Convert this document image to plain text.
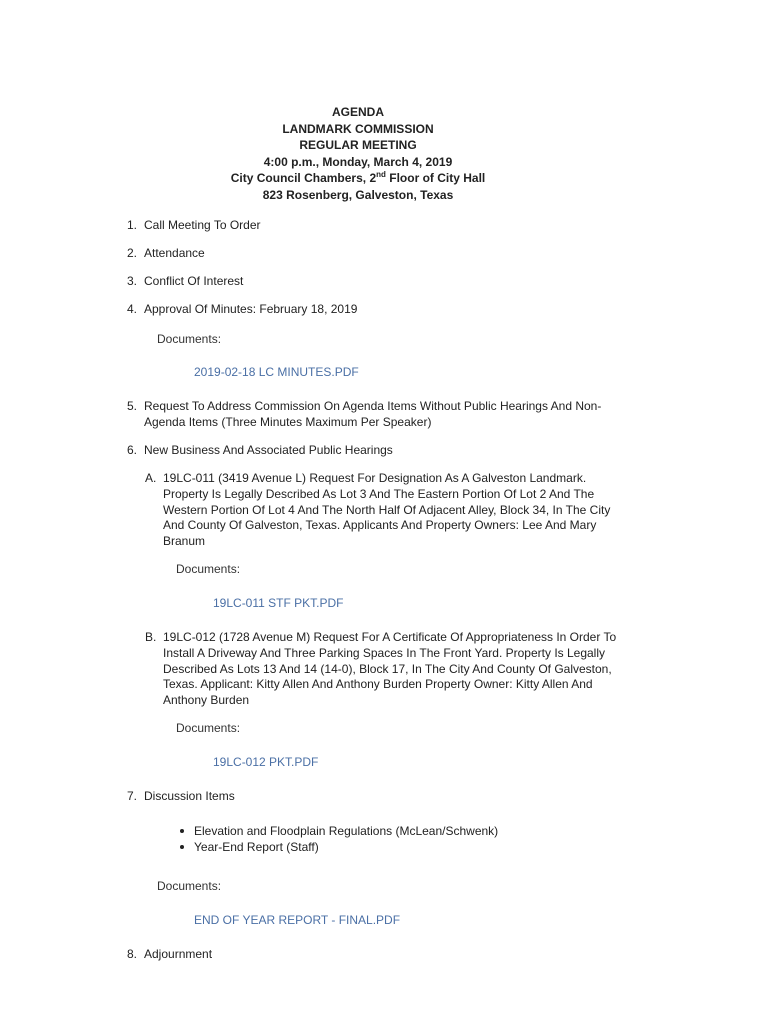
AGENDA
LANDMARK COMMISSION
REGULAR MEETING
4:00 p.m., Monday, March 4, 2019
City Council Chambers, 2nd Floor of City Hall
823 Rosenberg, Galveston, Texas
1. Call Meeting To Order
2. Attendance
3. Conflict Of Interest
4. Approval Of Minutes: February 18, 2019
Documents:
2019-02-18 LC MINUTES.PDF
5. Request To Address Commission On Agenda Items Without Public Hearings And Non-
Agenda Items (Three Minutes Maximum Per Speaker)
6. New Business And Associated Public Hearings
A. 19LC-011 (3419 Avenue L) Request For Designation As A Galveston Landmark.
Property Is Legally Described As Lot 3 And The Eastern Portion Of Lot 2 And The
Western Portion Of Lot 4 And The North Half Of Adjacent Alley, Block 34, In The City
And County Of Galveston, Texas. Applicants And Property Owners: Lee And Mary
Branum
Documents:
19LC-011 STF PKT.PDF
B. 19LC-012 (1728 Avenue M) Request For A Certificate Of Appropriateness In Order To
Install A Driveway And Three Parking Spaces In The Front Yard. Property Is Legally
Described As Lots 13 And 14 (14-0), Block 17, In The City And County Of Galveston,
Texas. Applicant: Kitty Allen And Anthony Burden Property Owner: Kitty Allen And
Anthony Burden
Documents:
19LC-012 PKT.PDF
7. Discussion Items
Elevation and Floodplain Regulations (McLean/Schwenk)
Year-End Report (Staff)
Documents:
END OF YEAR REPORT - FINAL.PDF
8. Adjournment
